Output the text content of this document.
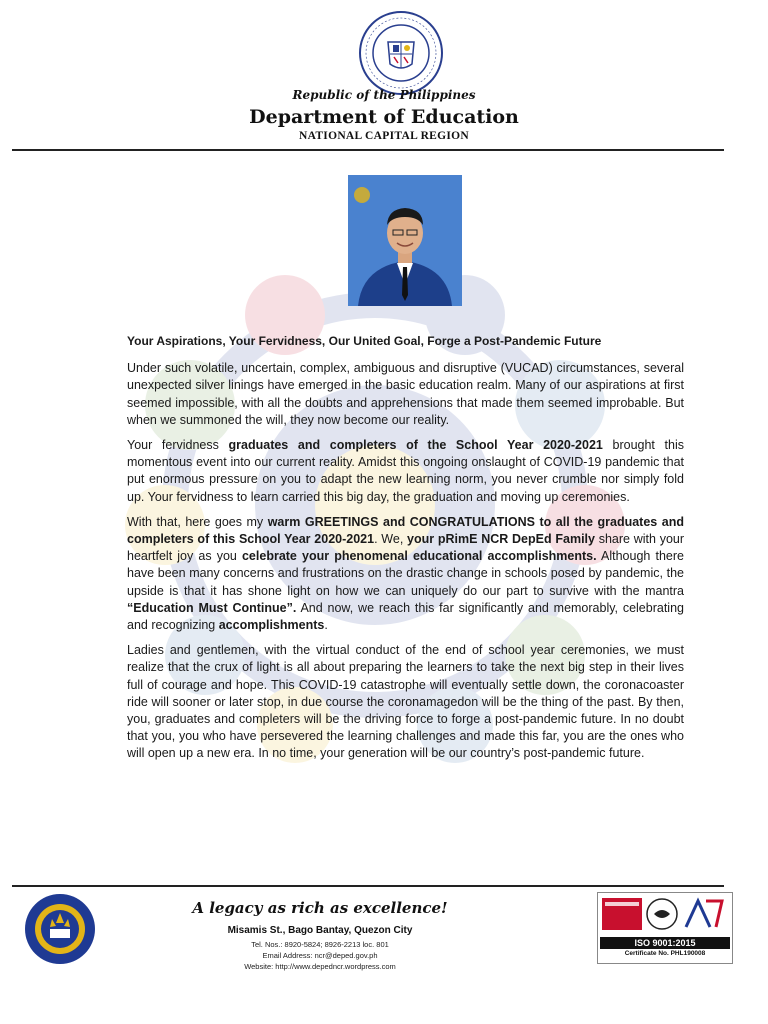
Republic of the Philippines
Department of Education
NATIONAL CAPITAL REGION

Your Aspirations, Your Fervidness, Our United Goal, Forge a Post-Pandemic Future

Under such volatile, uncertain, complex, ambiguous and disruptive (VUCAD) circumstances, several unexpected silver linings have emerged in the basic education realm. Many of our aspirations at first seemed impossible, with all the doubts and apprehensions that made them seemed improbable. But when we summoned the will, they now become our reality.

Your fervidness graduates and completers of the School Year 2020-2021 brought this momentous event into our current reality. Amidst this ongoing onslaught of COVID-19 pandemic that put enormous pressure on you to adapt the new learning norm, you never crumble nor simply fold up. Your fervidness to learn carried this big day, the graduation and moving up ceremonies.

With that, here goes my warm GREETINGS and CONGRATULATIONS to all the graduates and completers of this School Year 2020-2021. We, your pRimE NCR DepEd Family share with your heartfelt joy as you celebrate your phenomenal educational accomplishments. Although there have been many concerns and frustrations on the drastic change in schools posed by pandemic, the upside is that it has shone light on how we can uniquely do our part to survive with the mantra “Education Must Continue”. And now, we reach this far significantly and memorably, celebrating and recognizing accomplishments.

Ladies and gentlemen, with the virtual conduct of the end of school year ceremonies, we must realize that the crux of light is all about preparing the learners to take the next big step in their lives full of courage and hope. This COVID-19 catastrophe will eventually settle down, the coronacoaster ride will sooner or later stop, in due course the coronamagedon will be the thing of the past. By then, you, graduates and completers will be the driving force to forge a post-pandemic future. In no doubt that you, you who have persevered the learning challenges and made this far, you are the ones who will open up a new era. In no time, your generation will be our country’s post-pandemic future.

A legacy as rich as excellence!
Misamis St., Bago Bantay, Quezon City
Tel. Nos.: 8920-5824; 8926-2213 loc. 801
Email Address: ncr@deped.gov.ph
Website: http://www.depedncr.wordpress.com
ISO 9001:2015
Certificate No. PHL190008
